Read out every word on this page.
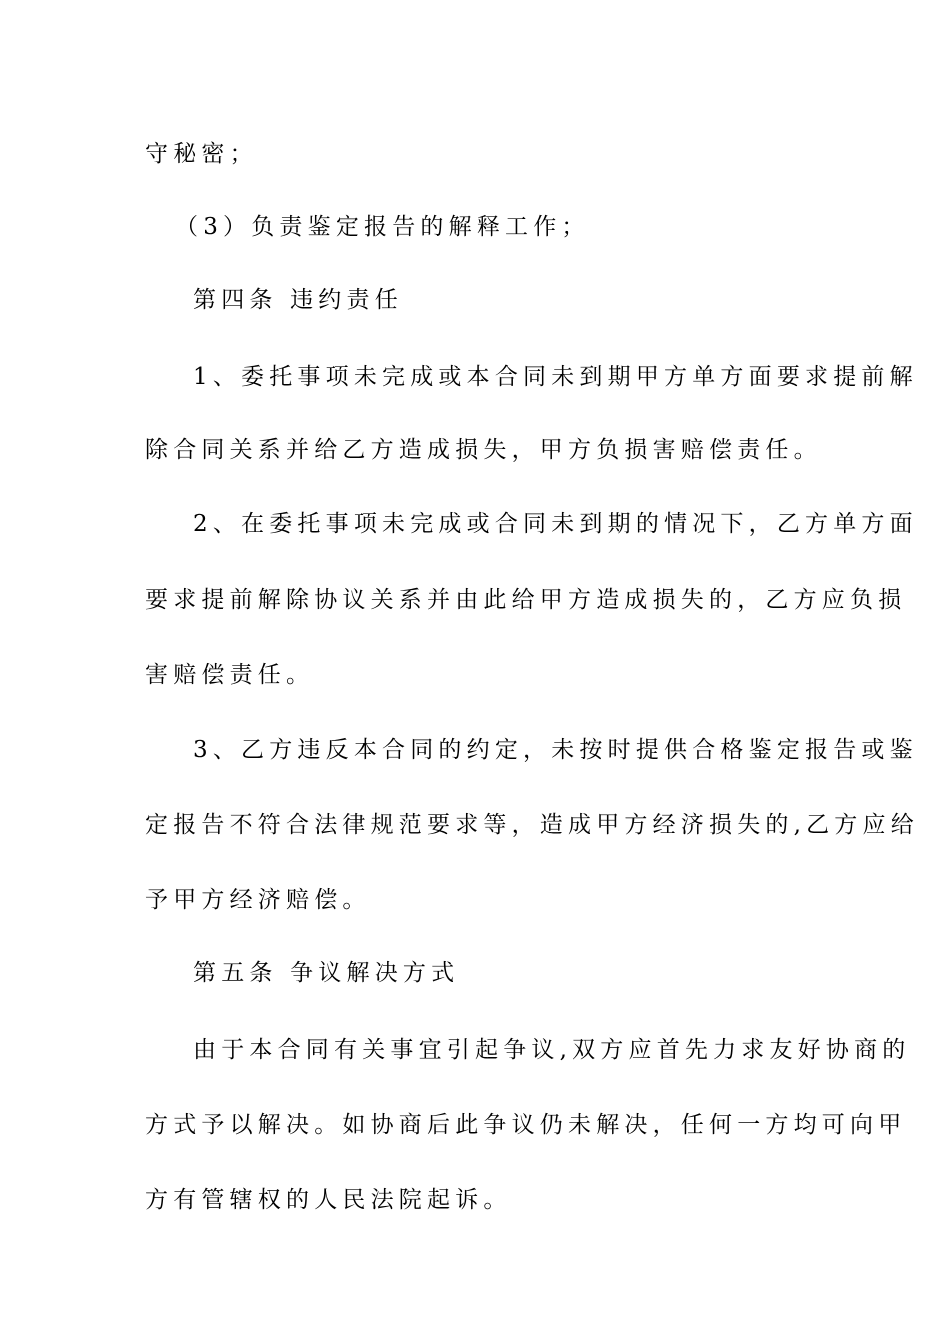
守秘密；
（3）负责鉴定报告的解释工作；
第四条 违约责任
1、委托事项未完成或本合同未到期甲方单方面要求提前解
除合同关系并给乙方造成损失，甲方负损害赔偿责任。
2、在委托事项未完成或合同未到期的情况下，乙方单方面
要求提前解除协议关系并由此给甲方造成损失的，乙方应负损
害赔偿责任。
3、乙方违反本合同的约定，未按时提供合格鉴定报告或鉴
定报告不符合法律规范要求等，造成甲方经济损失的,乙方应给
予甲方经济赔偿。
第五条 争议解决方式
由于本合同有关事宜引起争议,双方应首先力求友好协商的
方式予以解决。如协商后此争议仍未解决，任何一方均可向甲
方有管辖权的人民法院起诉。
